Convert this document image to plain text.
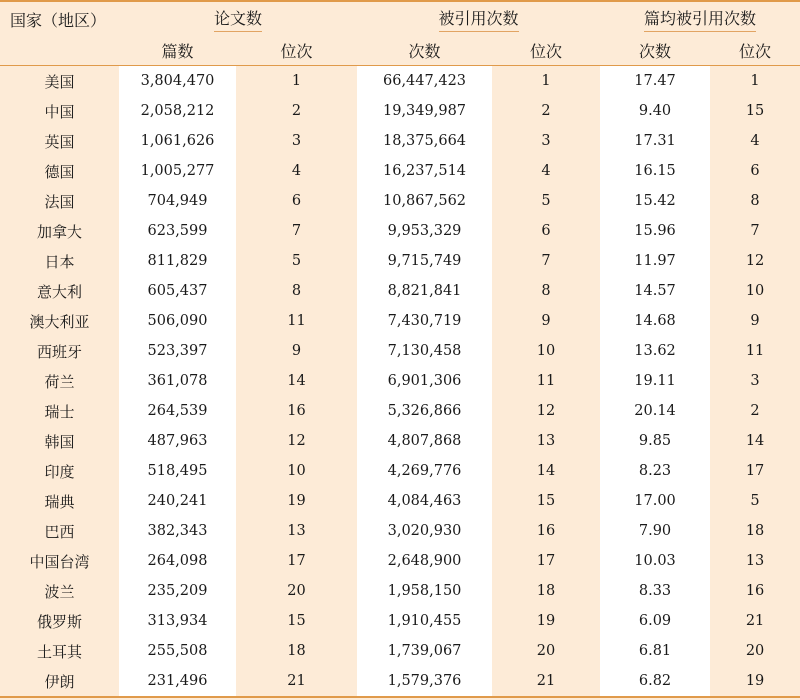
国家（地区）	论文数		被引用次数		篇均被引用次数	
	篇数	位次	次数	位次	次数	位次
美国	3,804,470	1	66,447,423	1	17.47	1
中国	2,058,212	2	19,349,987	2	9.40	15
英国	1,061,626	3	18,375,664	3	17.31	4
德国	1,005,277	4	16,237,514	4	16.15	6
法国	704,949	6	10,867,562	5	15.42	8
加拿大	623,599	7	9,953,329	6	15.96	7
日本	811,829	5	9,715,749	7	11.97	12
意大利	605,437	8	8,821,841	8	14.57	10
澳大利亚	506,090	11	7,430,719	9	14.68	9
西班牙	523,397	9	7,130,458	10	13.62	11
荷兰	361,078	14	6,901,306	11	19.11	3
瑞士	264,539	16	5,326,866	12	20.14	2
韩国	487,963	12	4,807,868	13	9.85	14
印度	518,495	10	4,269,776	14	8.23	17
瑞典	240,241	19	4,084,463	15	17.00	5
巴西	382,343	13	3,020,930	16	7.90	18
中国台湾	264,098	17	2,648,900	17	10.03	13
波兰	235,209	20	1,958,150	18	8.33	16
俄罗斯	313,934	15	1,910,455	19	6.09	21
土耳其	255,508	18	1,739,067	20	6.81	20
伊朗	231,496	21	1,579,376	21	6.82	19
